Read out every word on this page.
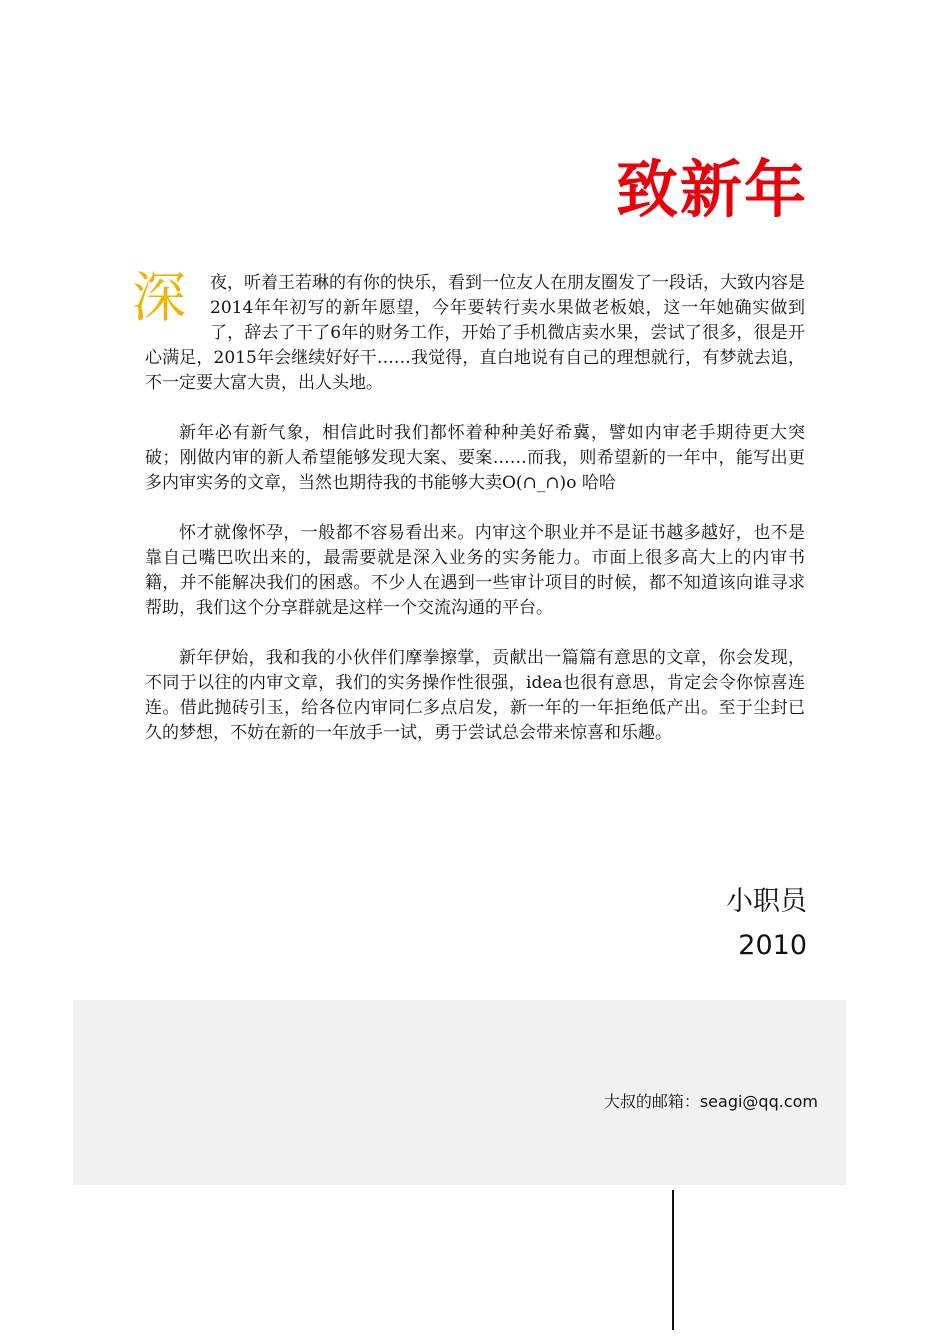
致新年

深	夜，听着王若琳的有你的快乐，看到一位友人在朋友圈发了一段话，大致内容是2014年年初写的新年愿望，今年要转行卖水果做老板娘，这一年她确实做到了，辞去了干了6年的财务工作，开始了手机微店卖水果，尝试了很多，很是开心满足，2015年会继续好好干……我觉得，直白地说有自己的理想就行，有梦就去追，不一定要大富大贵，出人头地。

新年必有新气象，相信此时我们都怀着种种美好希冀，譬如内审老手期待更大突破；刚做内审的新人希望能够发现大案、要案……而我，则希望新的一年中，能写出更多内审实务的文章，当然也期待我的书能够大卖O(∩_∩)o 哈哈

怀才就像怀孕，一般都不容易看出来。内审这个职业并不是证书越多越好，也不是靠自己嘴巴吹出来的，最需要就是深入业务的实务能力。市面上很多高大上的内审书籍，并不能解决我们的困惑。不少人在遇到一些审计项目的时候，都不知道该向谁寻求帮助，我们这个分享群就是这样一个交流沟通的平台。

新年伊始，我和我的小伙伴们摩拳擦掌，贡献出一篇篇有意思的文章，你会发现，不同于以往的内审文章，我们的实务操作性很强，idea也很有意思，肯定会令你惊喜连连。借此抛砖引玉，给各位内审同仁多点启发，新一年的一年拒绝低产出。至于尘封已久的梦想，不妨在新的一年放手一试，勇于尝试总会带来惊喜和乐趣。

小职员
2010
大叔的邮箱：seagi@qq.com
